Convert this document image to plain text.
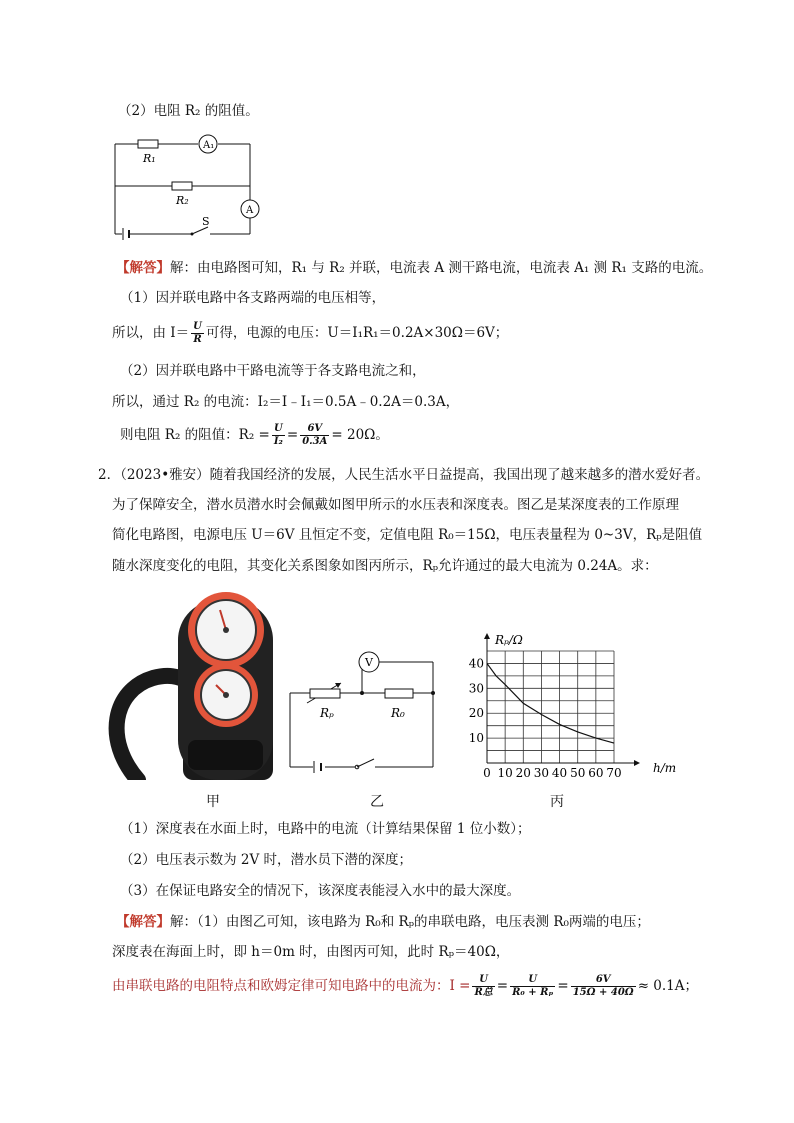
（2）电阻 R₂ 的阻值。
R₁
R₂
A₁
A
S
【解答】解：由电路图可知，R₁ 与 R₂ 并联，电流表 A 测干路电流，电流表 A₁ 测 R₁ 支路的电流。
（1）因并联电路中各支路两端的电压相等，
所以，由 $I= \frac{U}{R}$ 可得，电源的电压：U＝I₁R₁＝0.2A×30Ω＝6V；
（2）因并联电路中干路电流等于各支路电流之和，
所以，通过 R₂ 的电流：I₂＝I﹣I₁＝0.5A﹣0.2A＝0.3A，
则电阻 R₂ 的阻值：$R_2 = \frac{U}{\text{I₂}} = \frac{6V}{0.3A} = 20\Omega$。
2．（2023•雅安）随着我国经济的发展，人民生活水平日益提高，我国出现了越来越多的潜水爱好者。
为了保障安全，潜水员潜水时会佩戴如图甲所示的水压表和深度表。图乙是某深度表的工作原理
简化电路图，电源电压 U＝6V 且恒定不变，定值电阻 R₀＝15Ω，电压表量程为 0~3V，Rₚ是阻值
随水深度变化的电阻，其变化关系图象如图丙所示，Rₚ允许通过的最大电流为 0.24A。求：
V
Rₚ	R₀
Rₚ/Ω
h/m
0 10 20 30 40 50 60 70
10
20
30
40
甲	乙	丙
（1）深度表在水面上时，电路中的电流（计算结果保留 1 位小数）；
（2）电压表示数为 2V 时，潜水员下潜的深度；
（3）在保证电路安全的情况下，该深度表能浸入水中的最大深度。
【解答】解：（1）由图乙可知，该电路为 R₀和 Rₚ的串联电路，电压表测 R₀两端的电压；
深度表在海面上时，即 h＝0m 时，由图丙可知，此时 Rₚ＝40Ω，
由串联电路的电阻特点和欧姆定律可知电路中的电流为：$I = \frac{U}{\text{R总}} = \frac{U}{\text{R₀ + Rₚ}} = \frac{6V}{15\Omega + 40\Omega} \approx 0.1A$；
